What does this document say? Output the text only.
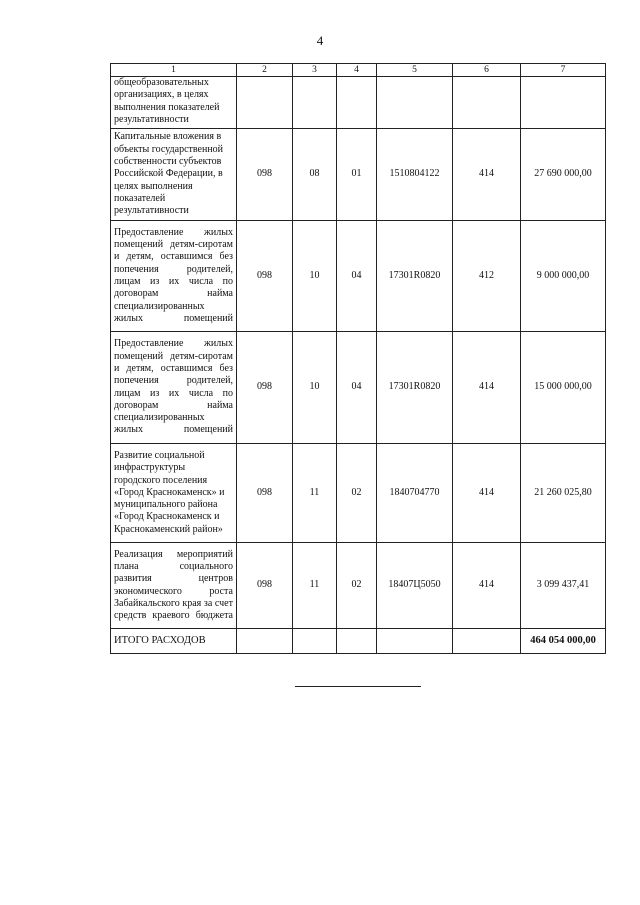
4
1	2	3	4	5	6	7
общеобразовательных организациях, в целях выполнения показателей результативности						
Капитальные вложения в объекты государственной собственности субъектов Российской Федерации, в целях выполнения показателей результативности	098	08	01	1510804122	414	27 690 000,00
Предоставление жилых помещений детям-сиротам и детям, оставшимся без попечения родителей, лицам из их числа по договорам найма специализированных жилых помещений	098	10	04	17301R0820	412	9 000 000,00
Предоставление жилых помещений детям-сиротам и детям, оставшимся без попечения родителей, лицам из их числа по договорам найма специализированных жилых помещений	098	10	04	17301R0820	414	15 000 000,00
Развитие социальной инфраструктуры городского поселения «Город Краснокаменск» и муниципального района «Город Краснокаменск и Краснокаменский район»	098	11	02	1840704770	414	21 260 025,80
Реализация мероприятий плана социального развития центров экономического роста Забайкальского края за счет средств краевого бюджета	098	11	02	18407Ц5050	414	3 099 437,41
ИТОГО РАСХОДОВ						464 054 000,00
